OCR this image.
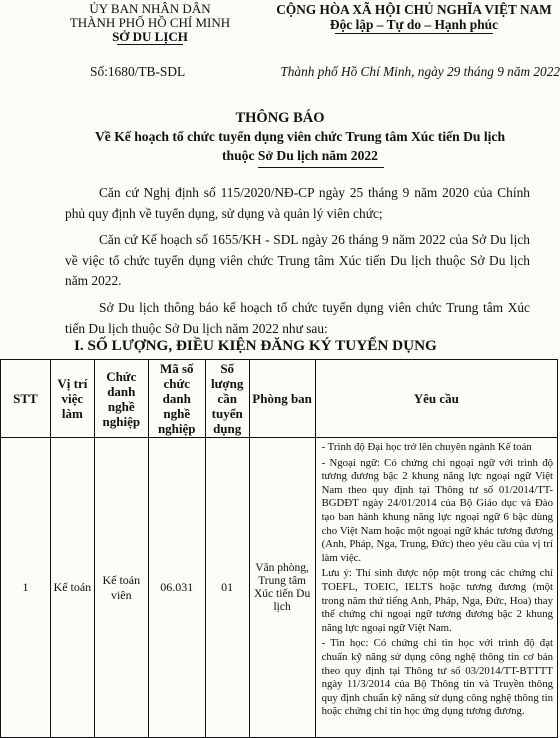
ỦY BAN NHÂN DÂN
THÀNH PHỐ HỒ CHÍ MINH
SỞ DU LỊCH
Số:1680/TB-SDL
CỘNG HÒA XÃ HỘI CHỦ NGHĨA VIỆT NAM
Độc lập – Tự do – Hạnh phúc
Thành phố Hồ Chí Minh, ngày 29 tháng 9 năm 2022
THÔNG BÁO
Về Kế hoạch tổ chức tuyển dụng viên chức Trung tâm Xúc tiến Du lịch
thuộc Sở Du lịch năm 2022
Căn cứ Nghị định số 115/2020/NĐ-CP ngày 25 tháng 9 năm 2020 của Chính phủ quy định về tuyển dụng, sử dụng và quản lý viên chức;
Căn cứ Kế hoạch số 1655/KH - SDL ngày 26 tháng 9 năm 2022 của Sở Du lịch về việc tổ chức tuyển dụng viên chức Trung tâm Xúc tiến Du lịch thuộc Sở Du lịch năm 2022.
Sở Du lịch thông báo kế hoạch tổ chức tuyển dụng viên chức Trung tâm Xúc tiến Du lịch thuộc Sở Du lịch năm 2022 như sau:
I. SỐ LƯỢNG, ĐIỀU KIỆN ĐĂNG KÝ TUYỂN DỤNG
STT	Vị trí việc làm	Chức danh nghề nghiệp	Mã số chức danh nghề nghiệp	Số lượng cần tuyển dụng	Phòng ban	Yêu cầu
1	Kế toán	Kế toán viên	06.031	01	Văn phòng, Trung tâm Xúc tiến Du lịch	- Trình độ Đại học trở lên chuyên ngành Kế toán

- Ngoại ngữ: Có chứng chỉ ngoại ngữ với trình độ tương đương bậc 2 khung năng lực ngoại ngữ Việt Nam theo quy định tại Thông tư số 01/2014/TT-BGDĐT ngày 24/01/2014 của Bộ Giáo dục và Đào tạo ban hành khung năng lực ngoại ngữ 6 bậc dùng cho Việt Nam hoặc một ngoại ngữ khác tương đương (Anh, Pháp, Nga, Trung, Đức) theo yêu cầu của vị trí làm việc.

Lưu ý: Thí sinh được nộp một trong các chứng chỉ TOEFL, TOEIC, IELTS hoặc tương đương (một trong năm thứ tiếng Anh, Pháp, Nga, Đức, Hoa) thay thế chứng chỉ ngoại ngữ tương đương bậc 2 khung năng lực ngoại ngữ Việt Nam.

- Tin học: Có chứng chỉ tin học với trình độ đạt chuẩn kỹ năng sử dụng công nghệ thông tin cơ bản theo quy định tại Thông tư số 03/2014/TT-BTTTT ngày 11/3/2014 của Bộ Thông tin và Truyền thông quy định chuẩn kỹ năng sử dụng công nghệ thông tin hoặc chứng chỉ tin học ứng dụng tương đương.
